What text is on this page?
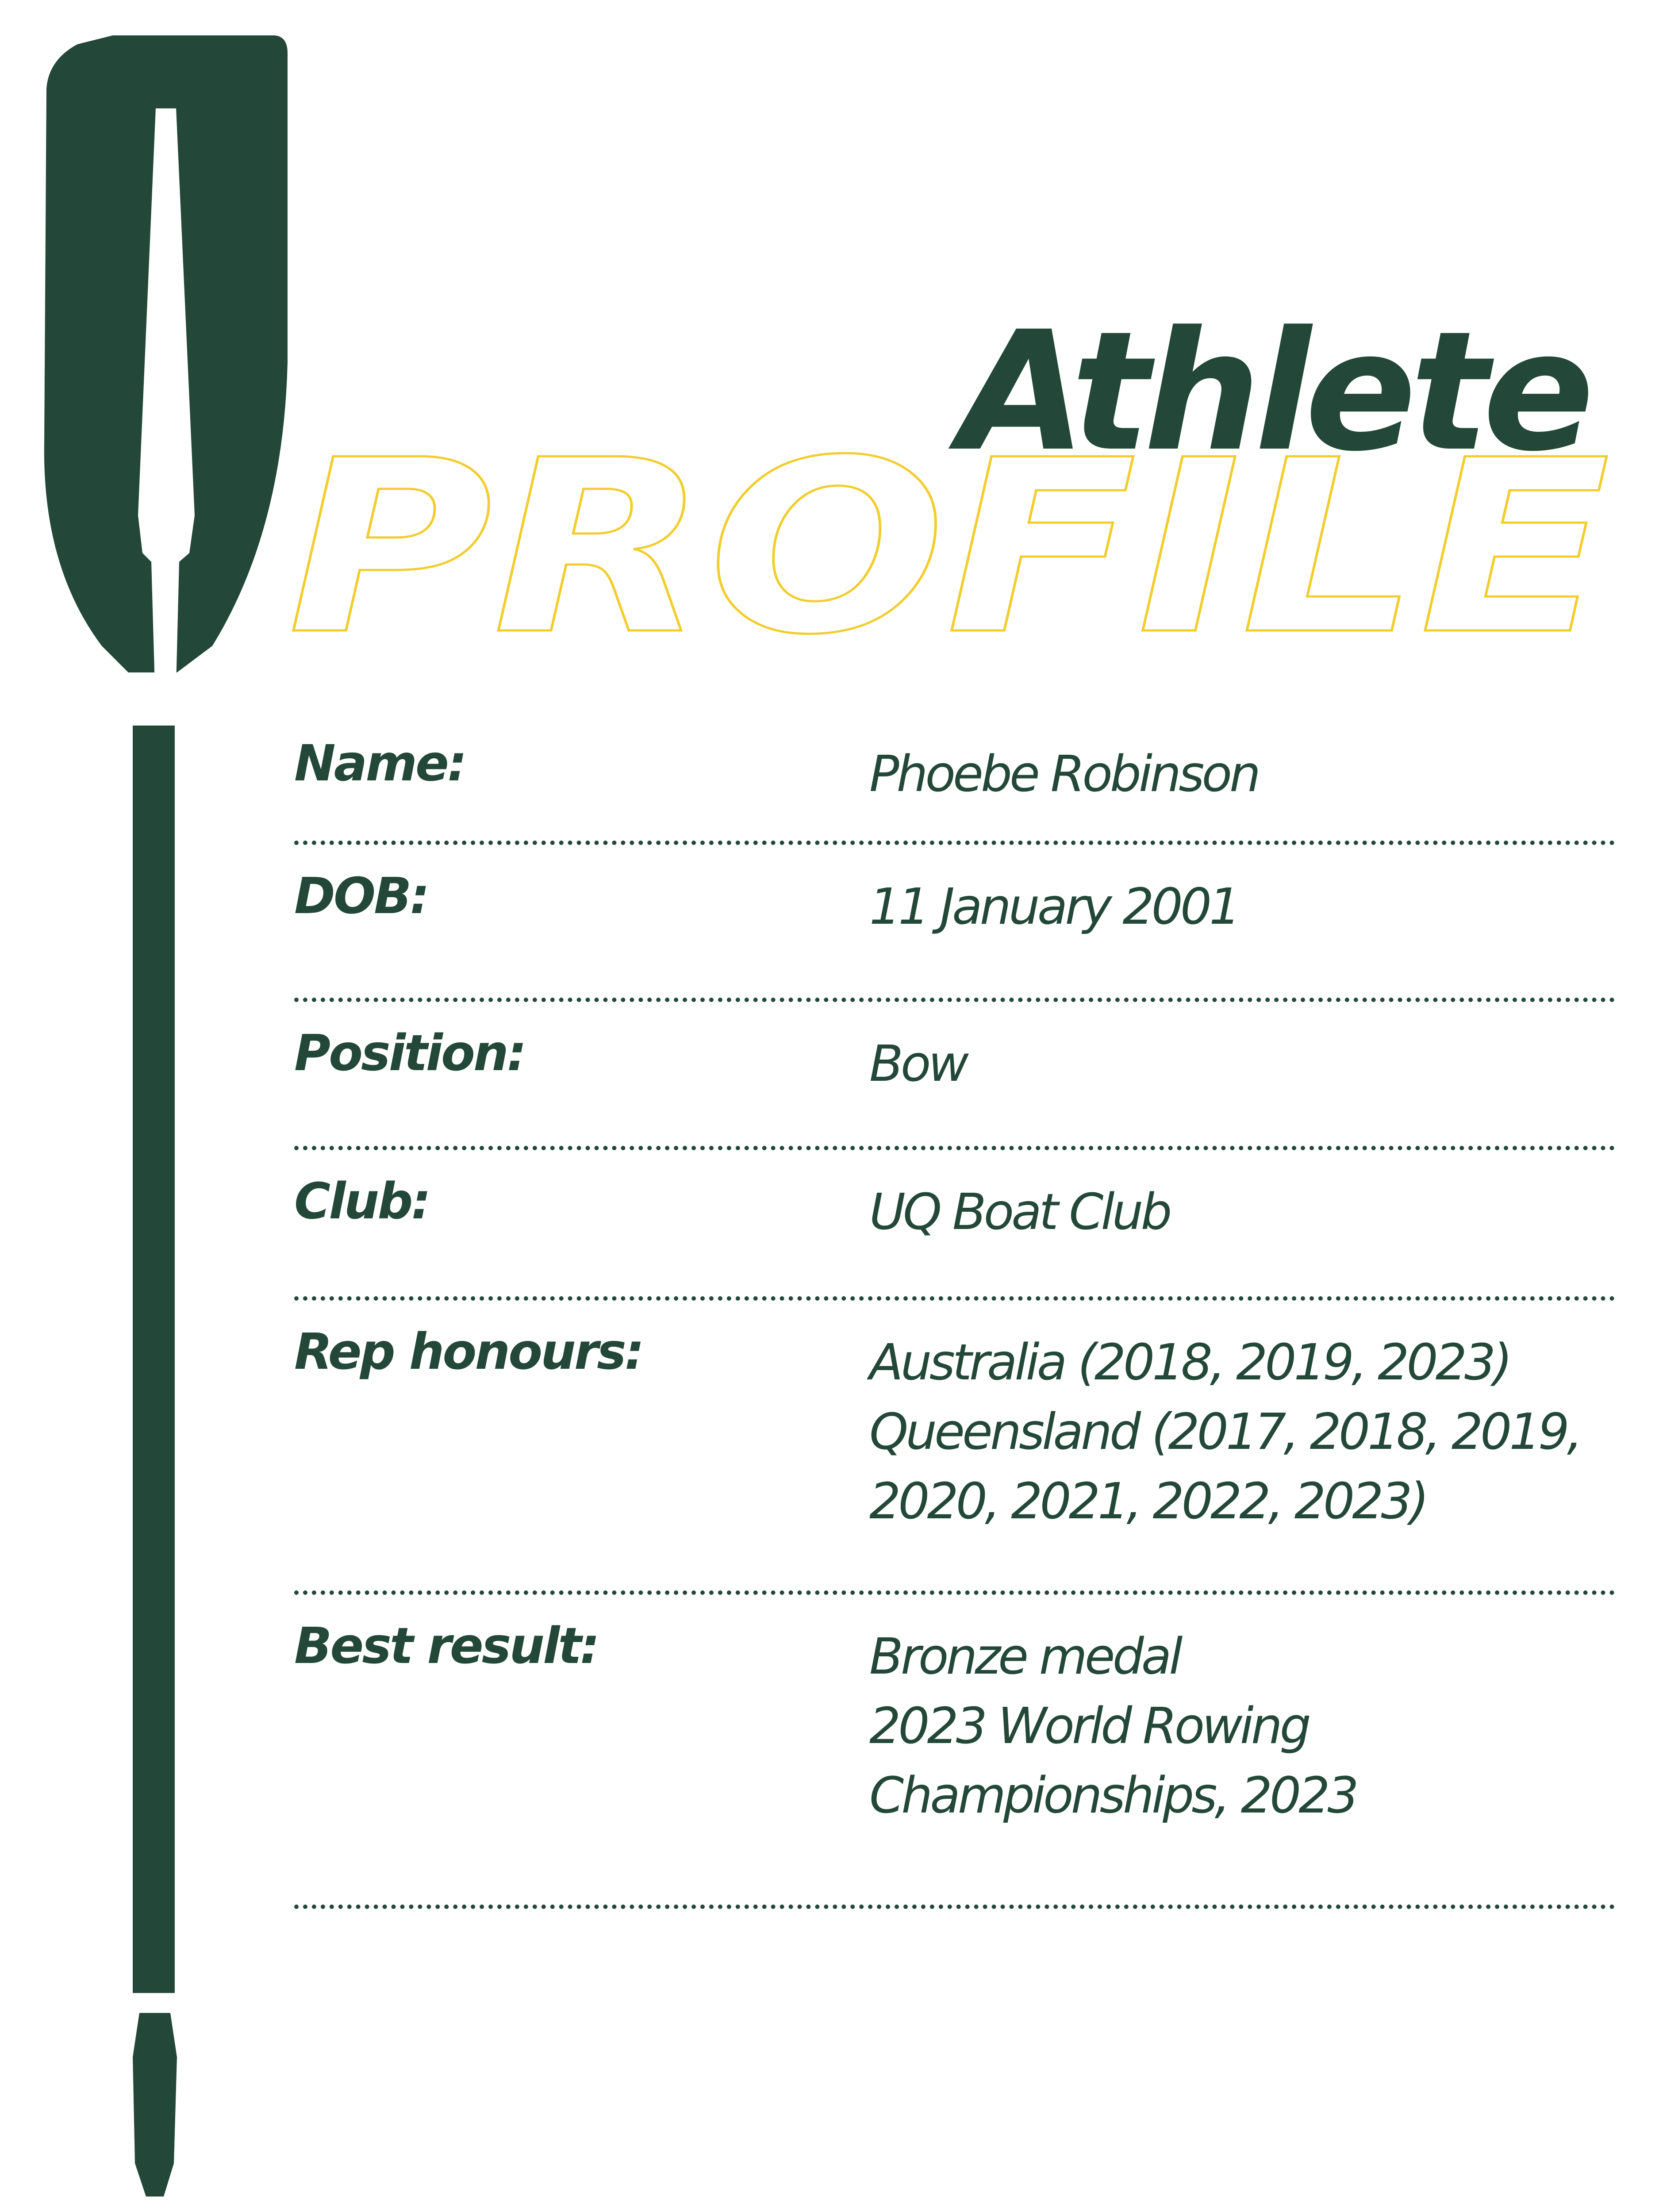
PROFILE
Athlete

Name:	Phoebe Robinson

DOB:	11 January 2001

Position:	Bow

Club:	UQ Boat Club

Rep honours:	Australia (2018, 2019, 2023)
Queensland (2017, 2018, 2019,
2020, 2021, 2022, 2023)

Best result:	Bronze medal
2023 World Rowing
Championships, 2023
